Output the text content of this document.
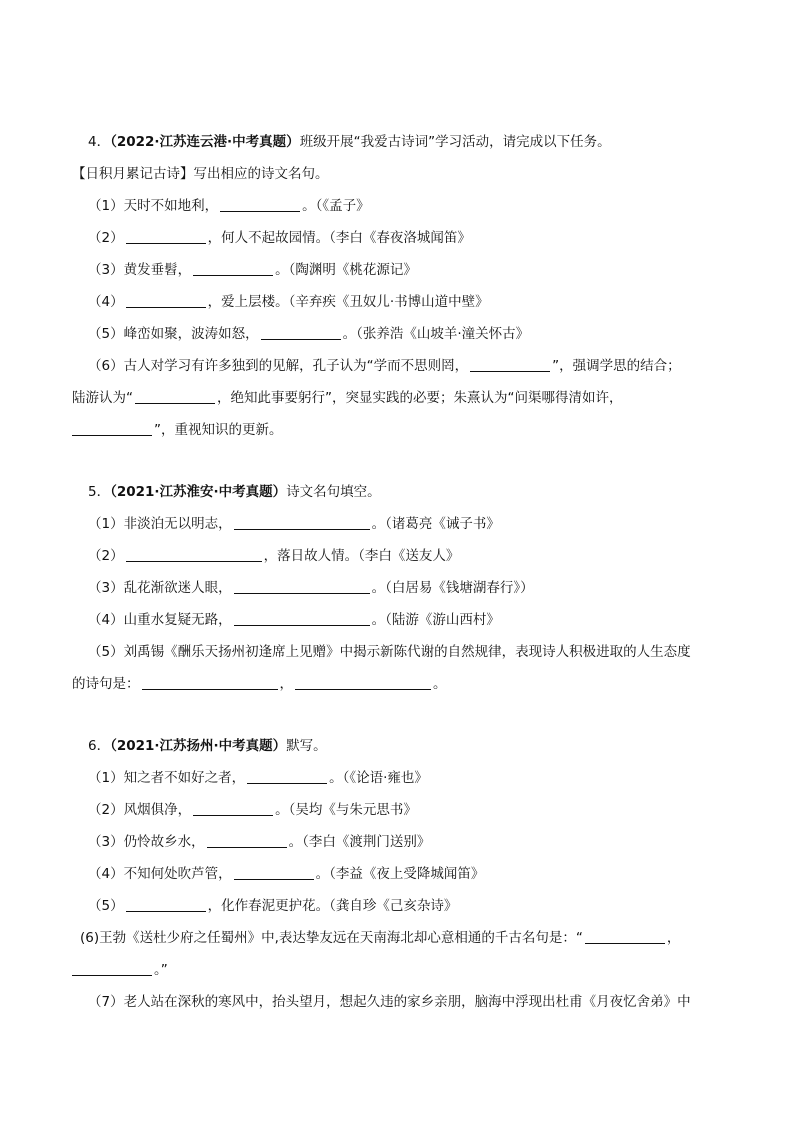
4．（2022·江苏连云港·中考真题）班级开展“我爱古诗词”学习活动，请完成以下任务。
【日积月累记古诗】写出相应的诗文名句。
（1）天时不如地利，	。（《孟子》
（2）	，何人不起故园情。（李白《春夜洛城闻笛》
（3）黄发垂髫，	。（陶渊明《桃花源记》
（4）	，爱上层楼。（辛弃疾《丑奴儿·书博山道中壁》
（5）峰峦如聚，波涛如怒，	。（张养浩《山坡羊·潼关怀古》
（6）古人对学习有许多独到的见解，孔子认为“学而不思则罔，	”，强调学思的结合；
陆游认为“	，绝知此事要躬行”，突显实践的必要；朱熹认为“问渠哪得清如许，
”，重视知识的更新。
5．（2021·江苏淮安·中考真题）诗文名句填空。
（1）非淡泊无以明志，	。（诸葛亮《诫子书》
（2）	，落日故人情。（李白《送友人》
（3）乱花渐欲迷人眼，	。（白居易《钱塘湖春行》）
（4）山重水复疑无路，	。（陆游《游山西村》
（5）刘禹锡《酬乐天扬州初逢席上见赠》中揭示新陈代谢的自然规律，表现诗人积极进取的人生态度
的诗句是：	，	。
6．（2021·江苏扬州·中考真题）默写。
（1）知之者不如好之者，	。（《论语·雍也》
（2）风烟俱净，	。（吴均《与朱元思书》
（3）仍怜故乡水，	。（李白《渡荆门送别》
（4）不知何处吹芦管，	。（李益《夜上受降城闻笛》
（5）	，化作春泥更护花。（龚自珍《己亥杂诗》
(6)王勃《送杜少府之任蜀州》中,表达挚友远在天南海北却心意相通的千古名句是：“	，
。”
（7）老人站在深秋的寒风中，抬头望月，想起久违的家乡亲朋，脑海中浮现出杜甫《月夜忆舍弟》中
